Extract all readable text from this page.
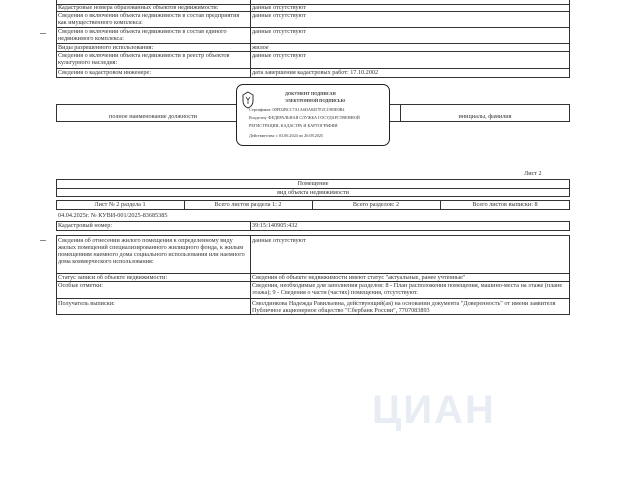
Кадастровые номера образованных объектов недвижимости:	данные отсутствуют
Сведения о включении объекта недвижимости в состав предприятия как имущественного комплекса:
данные отсутствуют
Сведения о включении объекта недвижимости в состав единого недвижимого комплекса:
данные отсутствуют
Виды разрешенного использования:	жилое
Сведения о включении объекта недвижимости в реестр объектов культурного наследия:
данные отсутствуют
Сведения о кадастровом инженере:	дата завершения кадастровых работ: 17.10.2002
полное наименование должности	инициалы, фамилия
ДОКУМЕНТ ПОДПИСАН
ЭЛЕКТРОННОЙ ПОДПИСЬЮ
Сертификат: 00FD2BCC7A1A6DA8457F2C1983E0B4
Владелец: ФЕДЕРАЛЬНАЯ СЛУЖБА ГОСУДАРСТВЕННОЙ
РЕГИСТРАЦИИ, КАДАСТРА И КАРТОГРАФИИ
Действителен: с 03.06.2024 по 26.08.2025
Лист 2
Помещение
вид объекта недвижимости
Лист № 2 раздела 1	Всего листов раздела 1: 2	Всего разделов: 2	Всего листов выписки: 8
04.04.2025г. № КУВИ-001/2025-83685385
Кадастровый номер:	39:15:140905:432
Сведения об отнесении жилого помещения к определенному виду жилых помещений специализированного жилищного фонда, к жилым помещениям наемного дома социального использования или наемного дома коммерческого использования:
данные отсутствуют
Статус записи об объекте недвижимости:	Сведения об объекте недвижимости имеют статус "актуальные, ранее учтенные"
Особые отметки:	Сведения, необходимые для заполнения разделов: 8 - План расположения помещения, машино-места на этаже (плане этажа); 9 - Сведения о части (частях) помещения, отсутствуют.
Получатель выписки:	Смолдинкова Надежда Равильевна, действующий(ая) на основании документа "Доверенность" от имени заявителя Публичное акционерное общество "Сбербанк России", 7707083893
ЦИАН
